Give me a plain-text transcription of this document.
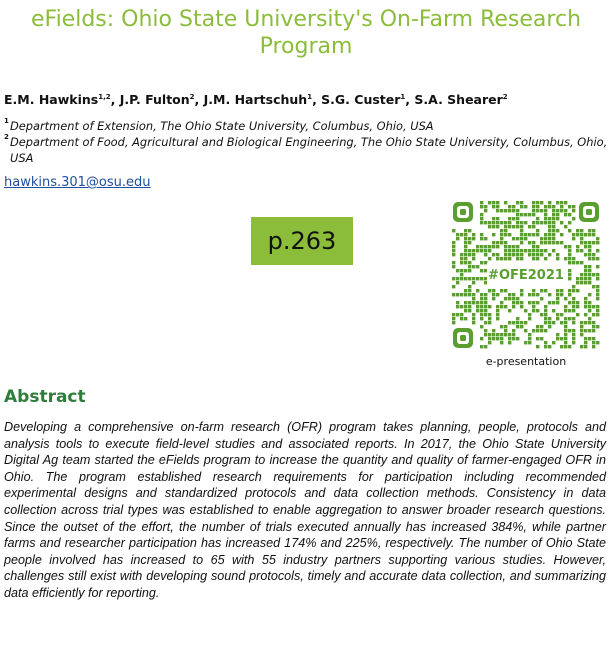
eFields: Ohio State University's On-Farm Research Program
E.M. Hawkins$^{1,2}$, J.P. Fulton$^2$, J.M. Hartschuh$^1$, S.G. Custer$^1$, S.A. Shearer$^2$
1 Department of Extension, The Ohio State University, Columbus, Ohio, USA
2 Department of Food, Agricultural and Biological Engineering, The Ohio State University, Columbus, Ohio, USA
hawkins.301@osu.edu
p.263
#OFE2021
e-presentation
Abstract
Developing a comprehensive on-farm research (OFR) program takes planning, people, protocols and analysis tools to execute field-level studies and associated reports. In 2017, the Ohio State University Digital Ag team started the eFields program to increase the quantity and quality of farmer-engaged OFR in Ohio. The program established research requirements for participation including recommended experimental designs and standardized protocols and data collection methods. Consistency in data collection across trial types was established to enable aggregation to answer broader research questions. Since the outset of the effort, the number of trials executed annually has increased 384%, while partner farms and researcher participation has increased 174% and 225%, respectively. The number of Ohio State people involved has increased to 65 with 55 industry partners supporting various studies. However, challenges still exist with developing sound protocols, timely and accurate data collection, and summarizing data efficiently for reporting.
